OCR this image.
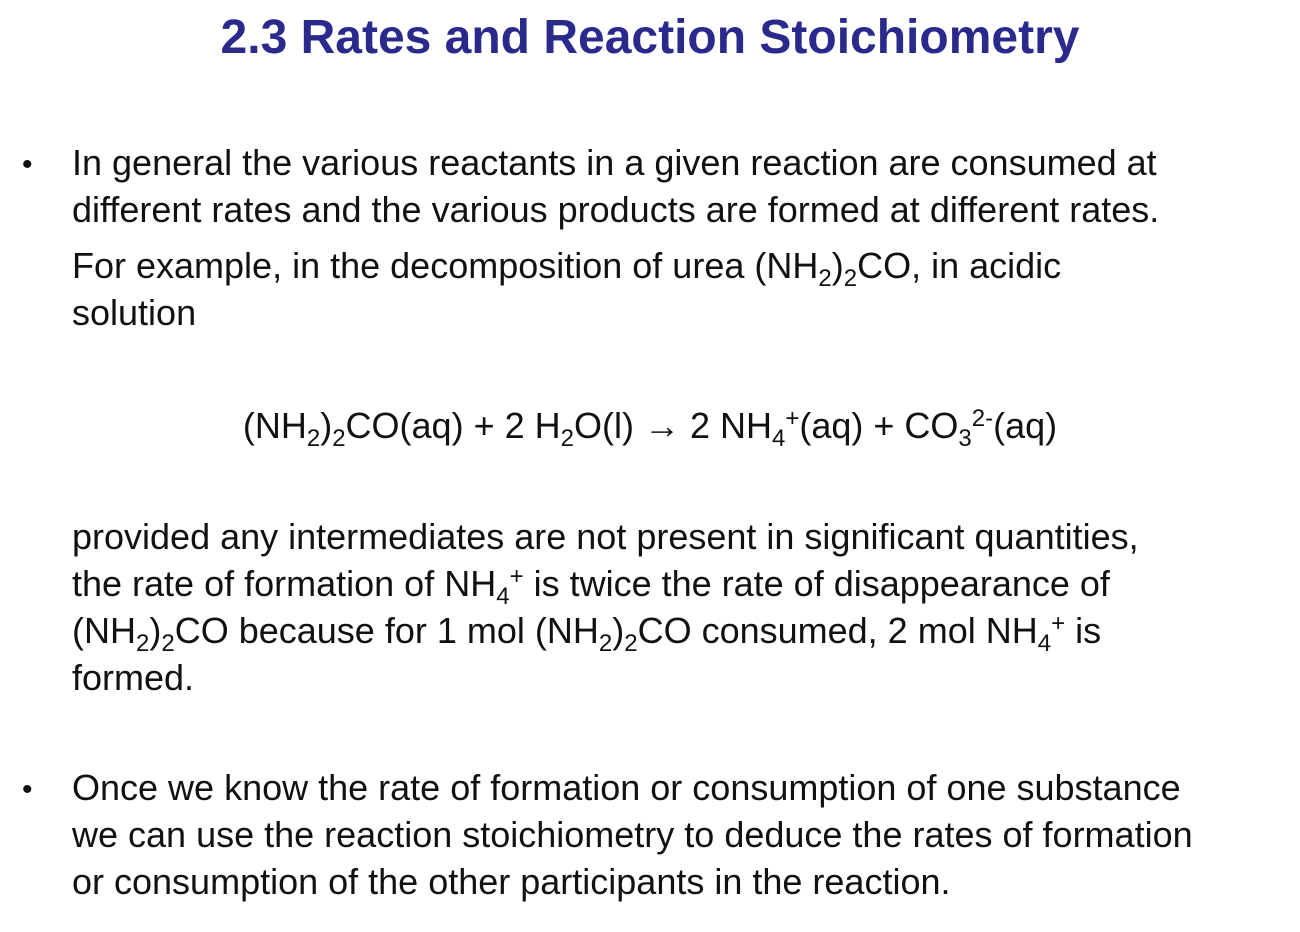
2.3 Rates and Reaction Stoichiometry
• In general the various reactants in a given reaction are consumed at
different rates and the various products are formed at different rates.
For example, in the decomposition of urea $(NH_2)_2CO$, in acidic
solution
$(NH_2)_2CO(aq) + 2$ $H_2O(l) \to 2$ $NH_4^+(aq) + CO_3^{2-}(aq)$
provided any intermediates are not present in significant quantities,
the rate of formation of $NH_4^+$ is twice the rate of disappearance of
$(NH_2)_2CO$ because for 1 mol $(NH_2)_2CO$ consumed, 2 mol $NH_4^+$ is
formed.
• Once we know the rate of formation or consumption of one substance
we can use the reaction stoichiometry to deduce the rates of formation
or consumption of the other participants in the reaction.
